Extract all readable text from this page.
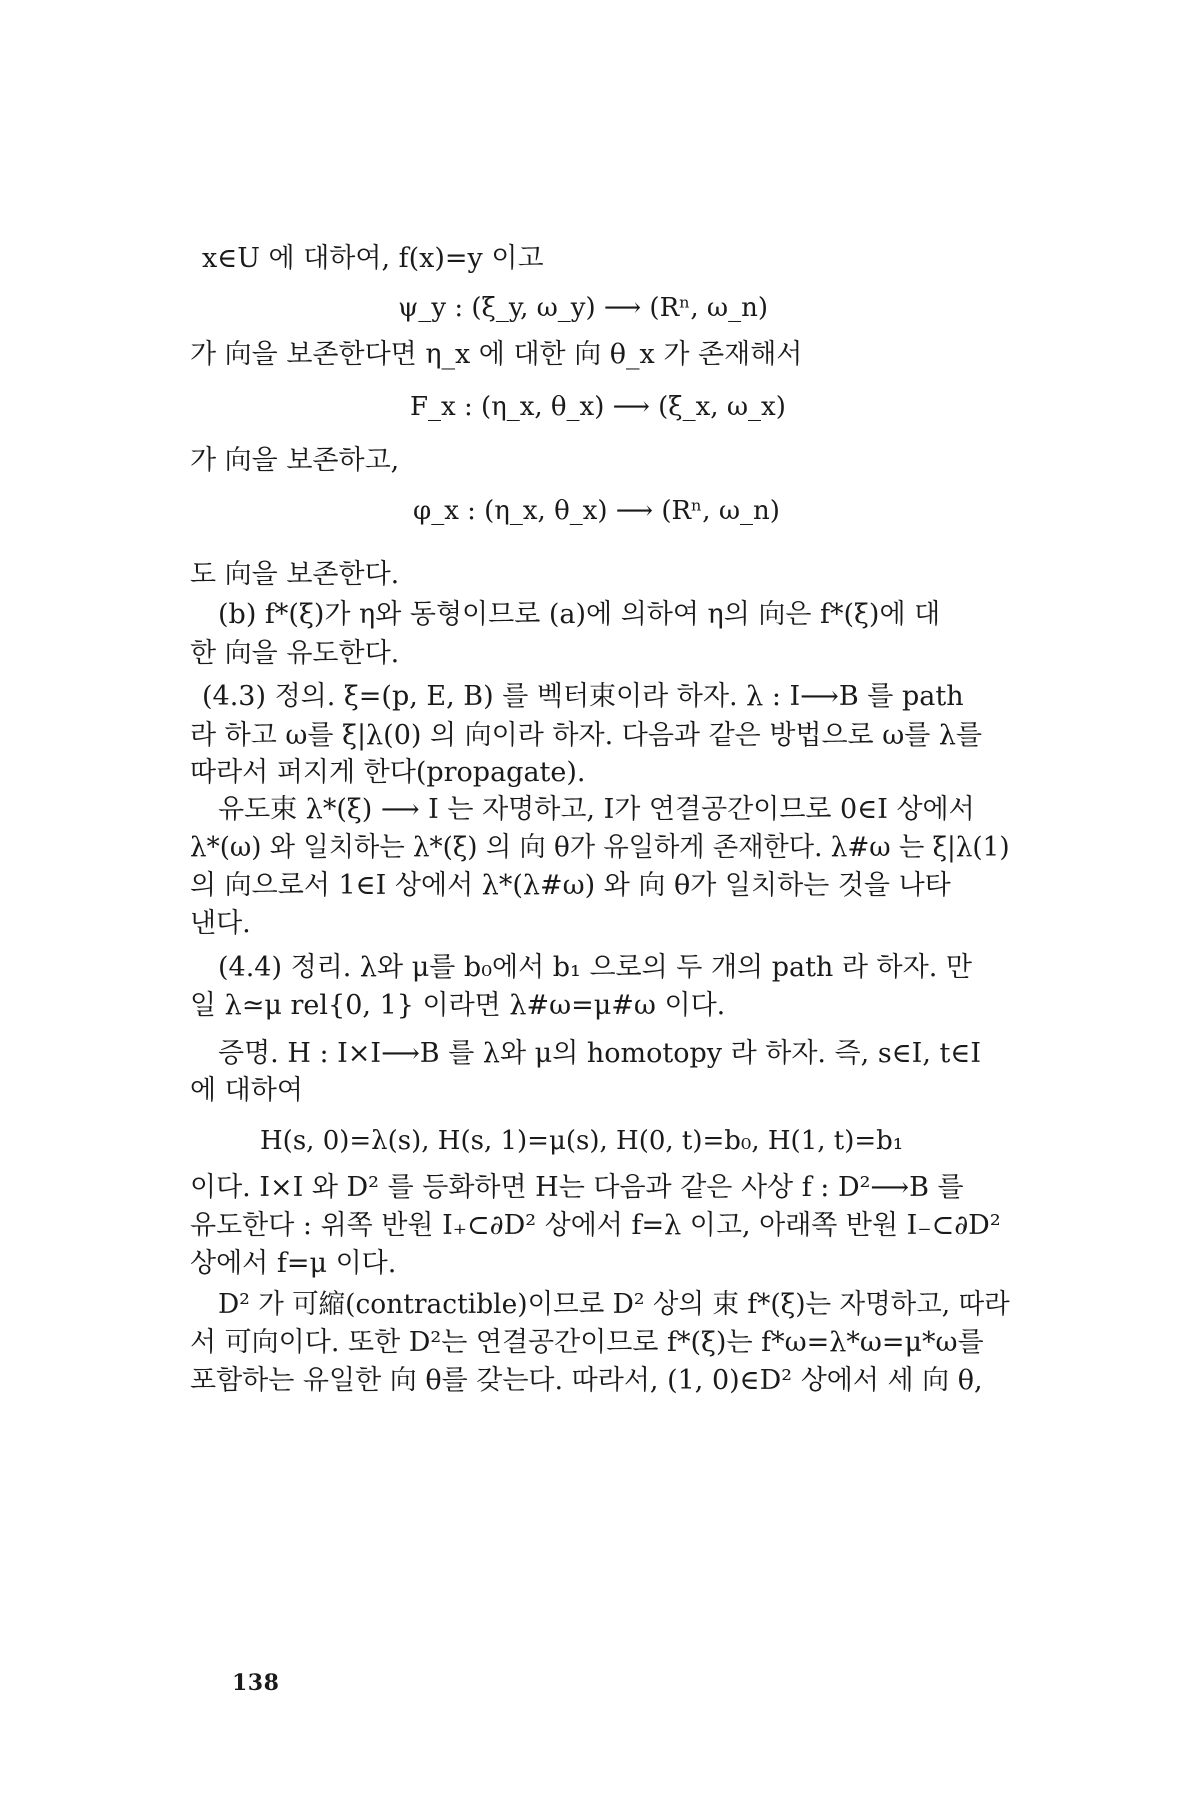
x∈U 에 대하여, f(x)=y 이고
ψ_y : (ξ_y, ω_y) ⟶ (Rⁿ, ω_n)
가 向을 보존한다면 η_x 에 대한 向 θ_x 가 존재해서
F_x : (η_x, θ_x) ⟶ (ξ_x, ω_x)
가 向을 보존하고,
φ_x : (η_x, θ_x) ⟶ (Rⁿ, ω_n)
도 向을 보존한다.
(b) f*(ξ)가 η와 동형이므로 (a)에 의하여 η의 向은 f*(ξ)에 대
한 向을 유도한다.
(4.3) 정의. ξ=(p, E, B) 를 벡터束이라 하자. λ : I⟶B 를 path
라 하고 ω를 ξ|λ(0) 의 向이라 하자. 다음과 같은 방법으로 ω를 λ를
따라서 퍼지게 한다(propagate).
유도束 λ*(ξ) ⟶ I 는 자명하고, I가 연결공간이므로 0∈I 상에서
λ*(ω) 와 일치하는 λ*(ξ) 의 向 θ가 유일하게 존재한다. λ#ω 는 ξ|λ(1)
의 向으로서 1∈I 상에서 λ*(λ#ω) 와 向 θ가 일치하는 것을 나타
낸다.
(4.4) 정리. λ와 μ를 b₀에서 b₁ 으로의 두 개의 path 라 하자. 만
일 λ≃μ rel{0, 1} 이라면 λ#ω=μ#ω 이다.
증명. H : I×I⟶B 를 λ와 μ의 homotopy 라 하자. 즉, s∈I, t∈I
에 대하여
H(s, 0)=λ(s), H(s, 1)=μ(s), H(0, t)=b₀, H(1, t)=b₁
이다. I×I 와 D² 를 등화하면 H는 다음과 같은 사상 f : D²⟶B 를
유도한다 : 위쪽 반원 I₊⊂∂D² 상에서 f=λ 이고, 아래쪽 반원 I₋⊂∂D²
상에서 f=μ 이다.
D² 가 可縮(contractible)이므로 D² 상의 束 f*(ξ)는 자명하고, 따라
서 可向이다. 또한 D²는 연결공간이므로 f*(ξ)는 f*ω=λ*ω=μ*ω를
포함하는 유일한 向 θ를 갖는다. 따라서, (1, 0)∈D² 상에서 세 向 θ,
138
